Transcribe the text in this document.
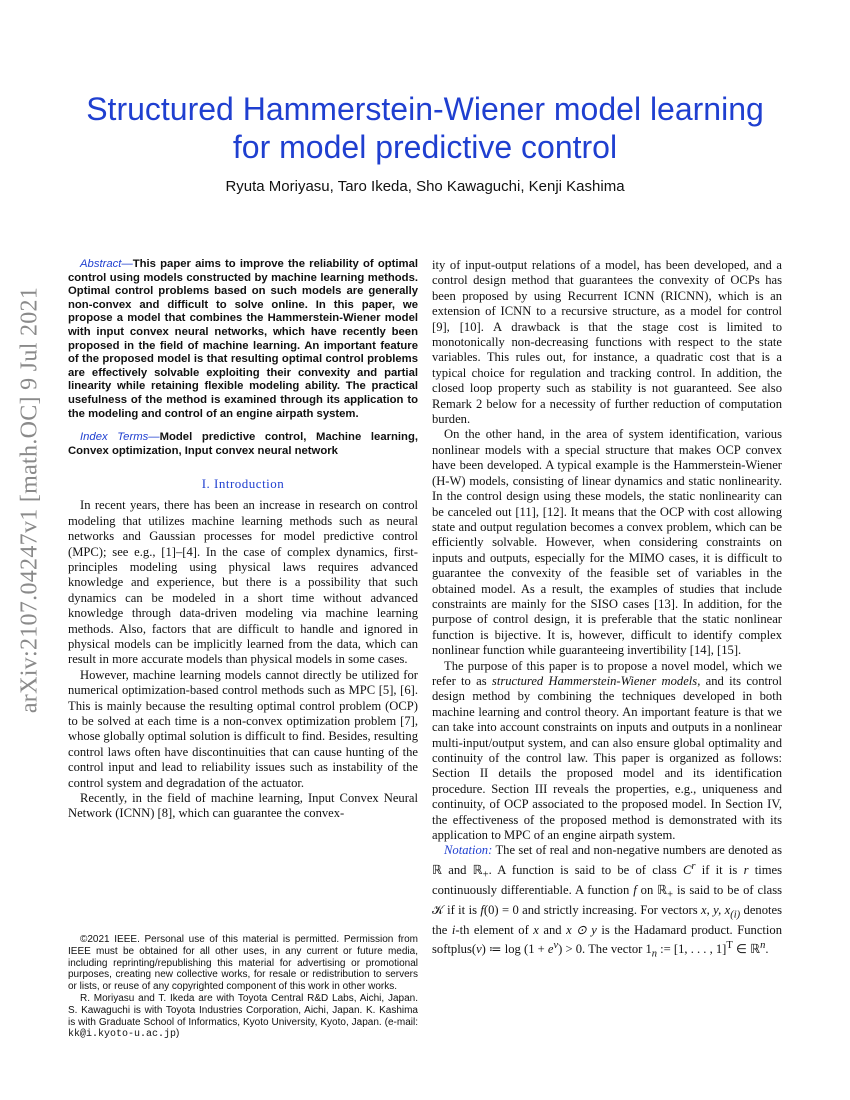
Structured Hammerstein-Wiener model learning
for model predictive control
Ryuta Moriyasu, Taro Ikeda, Sho Kawaguchi, Kenji Kashima
arXiv:2107.04247v1 [math.OC] 9 Jul 2021

Abstract—This paper aims to improve the reliability of optimal control using models constructed by machine learning methods. Optimal control problems based on such models are generally non-convex and difficult to solve online. In this paper, we propose a model that combines the Hammerstein-Wiener model with input convex neural networks, which have recently been proposed in the field of machine learning. An important feature of the proposed model is that resulting optimal control problems are effectively solvable exploiting their convexity and partial linearity while retaining flexible modeling ability. The practical usefulness of the method is examined through its application to the modeling and control of an engine airpath system.

Index Terms—Model predictive control, Machine learning, Convex optimization, Input convex neural network

I. Introduction

In recent years, there has been an increase in research on control modeling that utilizes machine learning methods such as neural networks and Gaussian processes for model predictive control (MPC); see e.g., [1]–[4]. In the case of complex dynamics, first-principles modeling using physical laws requires advanced knowledge and experience, but there is a possibility that such dynamics can be modeled in a short time without advanced knowledge through data-driven modeling via machine learning methods. Also, factors that are difficult to handle and ignored in physical models can be implicitly learned from the data, which can result in more accurate models than physical models in some cases.

However, machine learning models cannot directly be utilized for numerical optimization-based control methods such as MPC [5], [6]. This is mainly because the resulting optimal control problem (OCP) to be solved at each time is a non-convex optimization problem [7], whose globally optimal solution is difficult to find. Besides, resulting control laws often have discontinuities that can cause hunting of the control input and lead to reliability issues such as instability of the control system and degradation of the actuator.

Recently, in the field of machine learning, Input Convex Neural Network (ICNN) [8], which can guarantee the convex-

©2021 IEEE. Personal use of this material is permitted. Permission from IEEE must be obtained for all other uses, in any current or future media, including reprinting/republishing this material for advertising or promotional purposes, creating new collective works, for resale or redistribution to servers or lists, or reuse of any copyrighted component of this work in other works.

R. Moriyasu and T. Ikeda are with Toyota Central R&D Labs, Aichi, Japan. S. Kawaguchi is with Toyota Industries Corporation, Aichi, Japan. K. Kashima is with Graduate School of Informatics, Kyoto University, Kyoto, Japan. (e-mail: kk@i.kyoto-u.ac.jp)

ity of input-output relations of a model, has been developed, and a control design method that guarantees the convexity of OCPs has been proposed by using Recurrent ICNN (RICNN), which is an extension of ICNN to a recursive structure, as a model for control [9], [10]. A drawback is that the stage cost is limited to monotonically non-decreasing functions with respect to the state variables. This rules out, for instance, a quadratic cost that is a typical choice for regulation and tracking control. In addition, the closed loop property such as stability is not guaranteed. See also Remark 2 below for a necessity of further reduction of computation burden.

On the other hand, in the area of system identification, various nonlinear models with a special structure that makes OCP convex have been developed. A typical example is the Hammerstein-Wiener (H-W) models, consisting of linear dynamics and static nonlinearity. In the control design using these models, the static nonlinearity can be canceled out [11], [12]. It means that the OCP with cost allowing state and output regulation becomes a convex problem, which can be efficiently solvable. However, when considering constraints on inputs and outputs, especially for the MIMO cases, it is difficult to guarantee the convexity of the feasible set of variables in the obtained model. As a result, the examples of studies that include constraints are mainly for the SISO cases [13]. In addition, for the purpose of control design, it is preferable that the static nonlinear function is bijective. It is, however, difficult to identify complex nonlinear function while guaranteeing invertibility [14], [15].

The purpose of this paper is to propose a novel model, which we refer to as structured Hammerstein-Wiener models, and its control design method by combining the techniques developed in both machine learning and control theory. An important feature is that we can take into account constraints on inputs and outputs in a nonlinear multi-input/output system, and can also ensure global optimality and continuity of the control law. This paper is organized as follows: Section II details the proposed model and its identification procedure. Section III reveals the properties, e.g., uniqueness and continuity, of OCP associated to the proposed model. In Section IV, the effectiveness of the proposed method is demonstrated with its application to MPC of an engine airpath system.

Notation: The set of real and non-negative numbers are denoted as ℝ and ℝ$_+$. A function is said to be of class $C^r$ if it is r times continuously differentiable. A function f on ℝ$_+$ is said to be of class 𝒦 if it is f(0) = 0 and strictly increasing. For vectors x, y, $x_{(i)}$ denotes the i-th element of x and x ⊙ y is the Hadamard product. Function softplus(v) ≔ $\log (1 + e^v) > 0$. The vector $1_n$ := [1, . . . , 1]$^T$ ∈ ℝ$^n$.
